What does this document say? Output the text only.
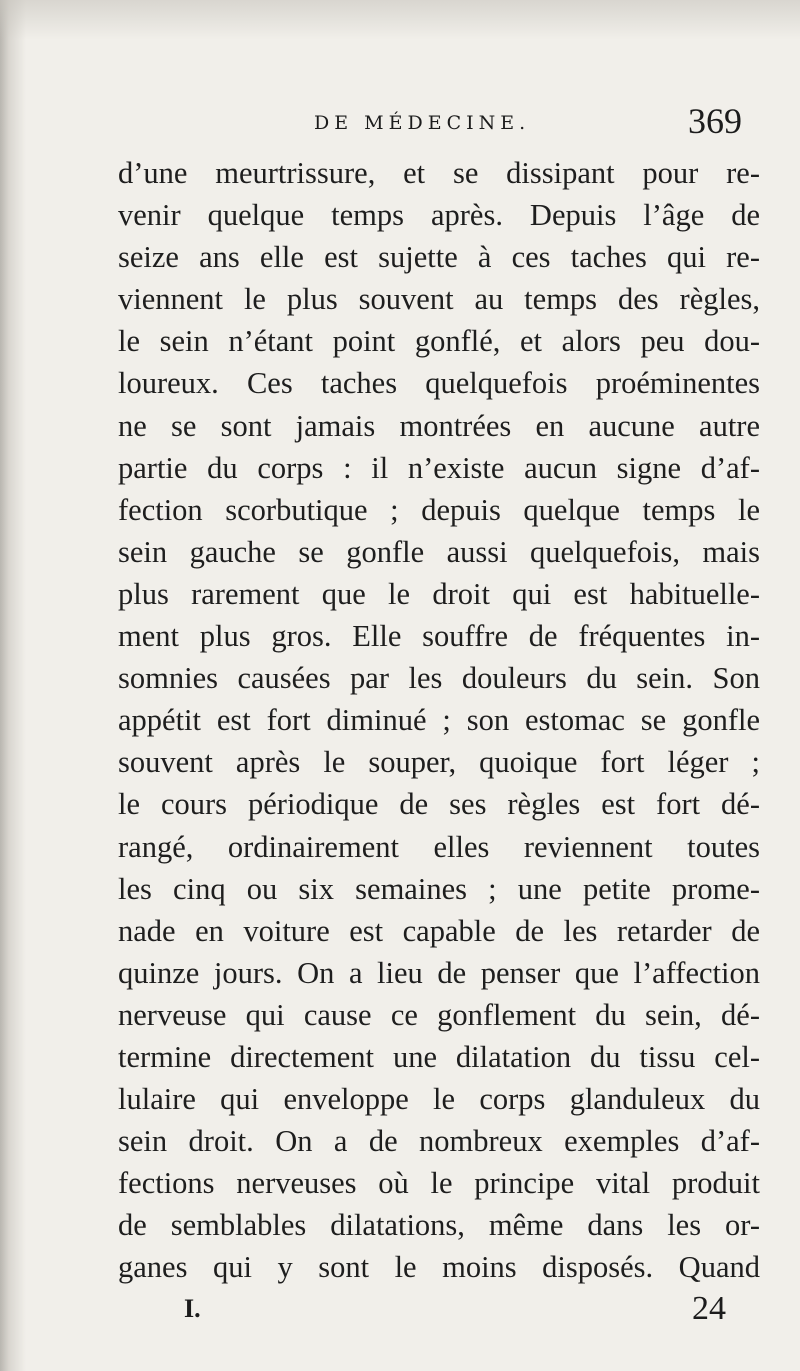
DE MÉDECINE.	369
d’une meurtrissure, et se dissipant pour re-
venir quelque temps après. Depuis l’âge de
seize ans elle est sujette à ces taches qui re-
viennent le plus souvent au temps des règles,
le sein n’étant point gonflé, et alors peu dou-
loureux. Ces taches quelquefois proéminentes
ne se sont jamais montrées en aucune autre
partie du corps : il n’existe aucun signe d’af-
fection scorbutique ; depuis quelque temps le
sein gauche se gonfle aussi quelquefois, mais
plus rarement que le droit qui est habituelle-
ment plus gros. Elle souffre de fréquentes in-
somnies causées par les douleurs du sein. Son
appétit est fort diminué ; son estomac se gonfle
souvent après le souper, quoique fort léger ;
le cours périodique de ses règles est fort dé-
rangé, ordinairement elles reviennent toutes
les cinq ou six semaines ; une petite prome-
nade en voiture est capable de les retarder de
quinze jours. On a lieu de penser que l’affection
nerveuse qui cause ce gonflement du sein, dé-
termine directement une dilatation du tissu cel-
lulaire qui enveloppe le corps glanduleux du
sein droit. On a de nombreux exemples d’af-
fections nerveuses où le principe vital produit
de semblables dilatations, même dans les or-
ganes qui y sont le moins disposés. Quand
I.	24
